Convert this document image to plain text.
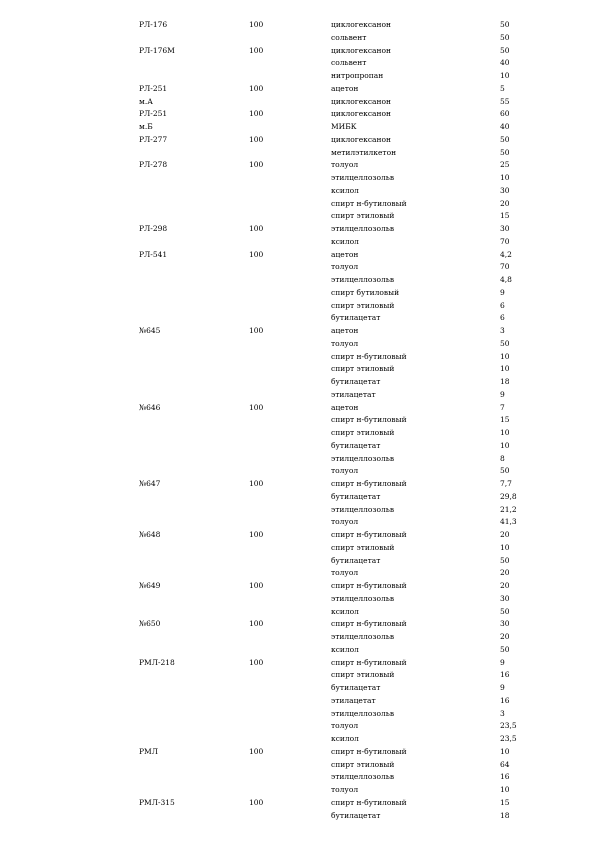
РЛ-176	100	циклогексанон	50
		сольвент	50
РЛ-176М	100	циклогексанон	50
		сольвент	40
		нитропропан	10
РЛ-251	100	ацетон	5
м.А		циклогексанон	55
РЛ-251	100	циклогексанон	60
м.Б		МИБК	40
РЛ-277	100	циклогексанон	50
		метилэтилкетон	50
РЛ-278	100	толуол	25
		этилцеллозольв	10
		ксилол	30
		спирт н-бутиловый	20
		спирт этиловый	15
РЛ-298	100	этилцеллозольв	30
		ксилол	70
РЛ-541	100	ацетон	4,2
		толуол	70
		этилцеллозольв	4,8
		спирт бутиловый	9
		спирт этиловый	6
		бутилацетат	6
№645	100	ацетон	3
		толуол	50
		спирт н-бутиловый	10
		спирт этиловый	10
		бутилацетат	18
		этилацетат	9
№646	100	ацетон	7
		спирт н-бутиловый	15
		спирт этиловый	10
		бутилацетат	10
		этилцеллозольв	8
		толуол	50
№647	100	спирт н-бутиловый	7,7
		бутилацетат	29,8
		этилцеллозольв	21,2
		толуол	41,3
№648	100	спирт н-бутиловый	20
		спирт этиловый	10
		бутилацетат	50
		толуол	20
№649	100	спирт н-бутиловый	20
		этилцеллозольв	30
		ксилол	50
№650	100	спирт н-бутиловый	30
		этилцеллозольв	20
		ксилол	50
РМЛ-218	100	спирт н-бутиловый	9
		спирт этиловый	16
		бутилацетат	9
		этилацетат	16
		этилцеллозольв	3
		толуол	23,5
		ксилол	23,5
РМЛ	100	спирт н-бутиловый	10
		спирт этиловый	64
		этилцеллозольв	16
		толуол	10
РМЛ-315	100	спирт н-бутиловый	15
		бутилацетат	18
